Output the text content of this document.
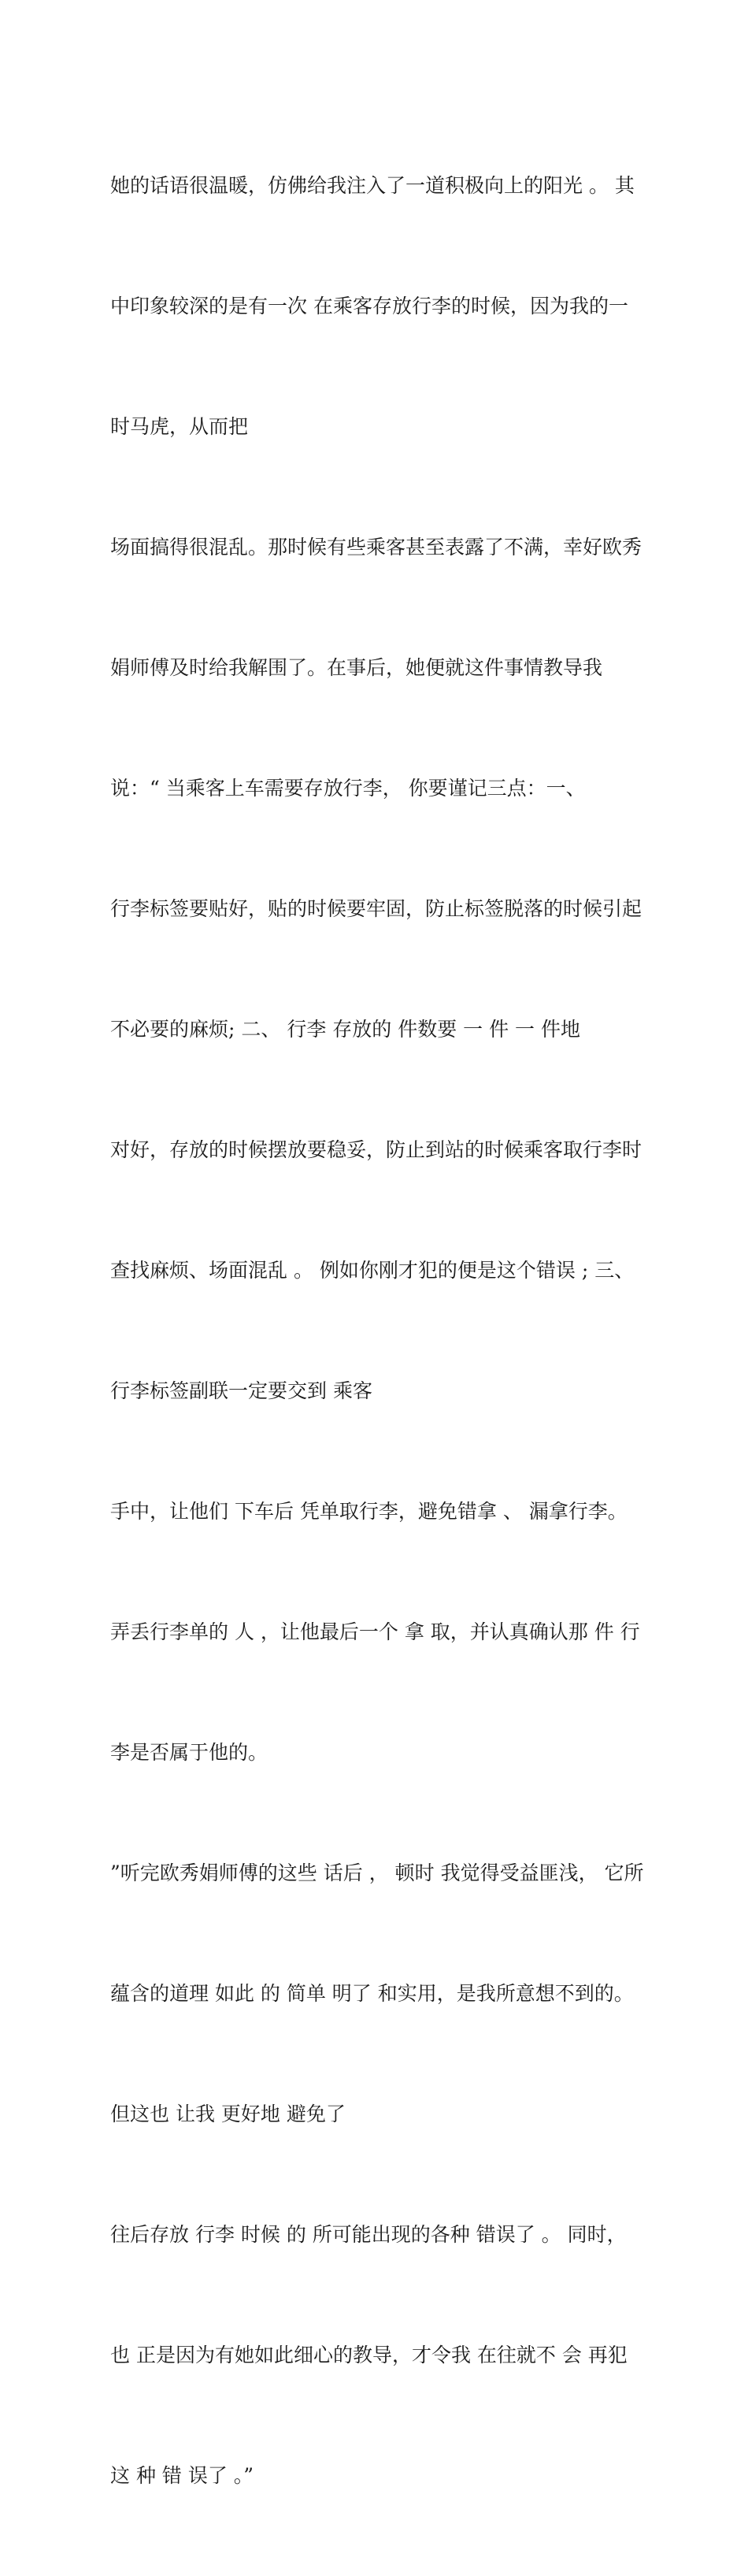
她的话语很温暖，仿佛给我注入了一道积极向上的阳光 。 其

中印象较深的是有一次 在乘客存放行李的时候，因为我的一

时马虎，从而把

场面搞得很混乱。那时候有些乘客甚至表露了不满，幸好欧秀

娟师傅及时给我解围了。在事后，她便就这件事情教导我

说：“ 当乘客上车需要存放行李， 你要谨记三点：一、

行李标签要贴好，贴的时候要牢固，防止标签脱落的时候引起

不必要的麻烦; 二、 行李 存放的 件数要 一 件 一 件地

对好，存放的时候摆放要稳妥，防止到站的时候乘客取行李时

查找麻烦、场面混乱 。 例如你刚才犯的便是这个错误 ; 三、

行李标签副联一定要交到 乘客

手中，让他们 下车后 凭单取行李，避免错拿 、 漏拿行李。

弄丢行李单的 人 ，让他最后一个 拿 取，并认真确认那 件 行

李是否属于他的。

”听完欧秀娟师傅的这些 话后 ， 顿时 我觉得受益匪浅， 它所

蕴含的道理 如此 的 简单 明了 和实用，是我所意想不到的。

但这也 让我 更好地 避免了

往后存放 行李 时候 的 所可能出现的各种 错误了 。 同时，

也 正是因为有她如此细心的教导，才令我 在往就不 会 再犯

这 种 错 误了 。”
